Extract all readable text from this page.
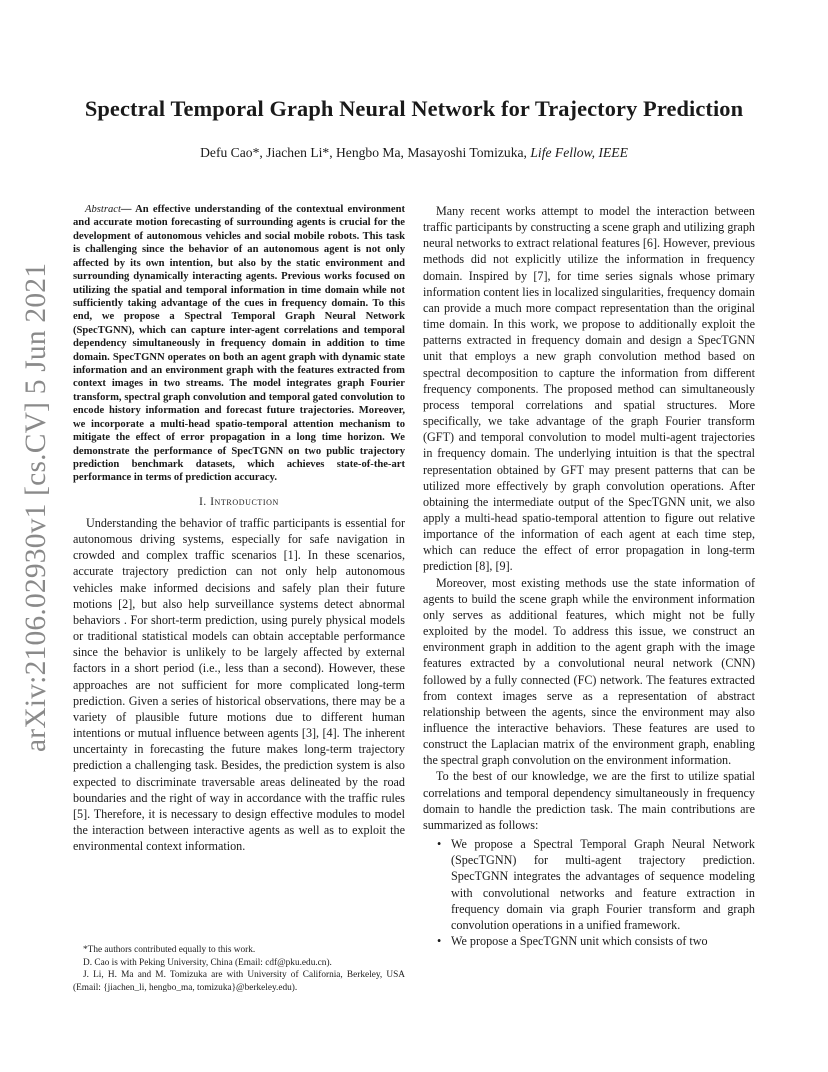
arXiv:2106.02930v1 [cs.CV] 5 Jun 2021
Spectral Temporal Graph Neural Network for Trajectory Prediction
Defu Cao*, Jiachen Li*, Hengbo Ma, Masayoshi Tomizuka, Life Fellow, IEEE
Abstract— An effective understanding of the contextual environment and accurate motion forecasting of surrounding agents is crucial for the development of autonomous vehicles and social mobile robots. This task is challenging since the behavior of an autonomous agent is not only affected by its own intention, but also by the static environment and surrounding dynamically interacting agents. Previous works focused on utilizing the spatial and temporal information in time domain while not sufficiently taking advantage of the cues in frequency domain. To this end, we propose a Spectral Temporal Graph Neural Network (SpecTGNN), which can capture inter-agent correlations and temporal dependency simultaneously in frequency domain in addition to time domain. SpecTGNN operates on both an agent graph with dynamic state information and an environment graph with the features extracted from context images in two streams. The model integrates graph Fourier transform, spectral graph convolution and temporal gated convolution to encode history information and forecast future trajectories. Moreover, we incorporate a multi-head spatio-temporal attention mechanism to mitigate the effect of error propagation in a long time horizon. We demonstrate the performance of SpecTGNN on two public trajectory prediction benchmark datasets, which achieves state-of-the-art performance in terms of prediction accuracy.
I. Introduction

Understanding the behavior of traffic participants is essential for autonomous driving systems, especially for safe navigation in crowded and complex traffic scenarios [1]. In these scenarios, accurate trajectory prediction can not only help autonomous vehicles make informed decisions and safely plan their future motions [2], but also help surveillance systems detect abnormal behaviors . For short-term prediction, using purely physical models or traditional statistical models can obtain acceptable performance since the behavior is unlikely to be largely affected by external factors in a short period (i.e., less than a second). However, these approaches are not sufficient for more complicated long-term prediction. Given a series of historical observations, there may be a variety of plausible future motions due to different human intentions or mutual influence between agents [3], [4]. The inherent uncertainty in forecasting the future makes long-term trajectory prediction a challenging task. Besides, the prediction system is also expected to discriminate traversable areas delineated by the road boundaries and the right of way in accordance with the traffic rules [5]. Therefore, it is necessary to design effective modules to model the interaction between interactive agents as well as to exploit the environmental context information.

*The authors contributed equally to this work.
D. Cao is with Peking University, China (Email: cdf@pku.edu.cn).
J. Li, H. Ma and M. Tomizuka are with University of California, Berkeley, USA (Email: {jiachen_li, hengbo_ma, tomizuka}@berkeley.edu).

Many recent works attempt to model the interaction between traffic participants by constructing a scene graph and utilizing graph neural networks to extract relational features [6]. However, previous methods did not explicitly utilize the information in frequency domain. Inspired by [7], for time series signals whose primary information content lies in localized singularities, frequency domain can provide a much more compact representation than the original time domain. In this work, we propose to additionally exploit the patterns extracted in frequency domain and design a SpecTGNN unit that employs a new graph convolution method based on spectral decomposition to capture the information from different frequency components. The proposed method can simultaneously process temporal correlations and spatial structures. More specifically, we take advantage of the graph Fourier transform (GFT) and temporal convolution to model multi-agent trajectories in frequency domain. The underlying intuition is that the spectral representation obtained by GFT may present patterns that can be utilized more effectively by graph convolution operations. After obtaining the intermediate output of the SpecTGNN unit, we also apply a multi-head spatio-temporal attention to figure out relative importance of the information of each agent at each time step, which can reduce the effect of error propagation in long-term prediction [8], [9].

Moreover, most existing methods use the state information of agents to build the scene graph while the environment information only serves as additional features, which might not be fully exploited by the model. To address this issue, we construct an environment graph in addition to the agent graph with the image features extracted by a convolutional neural network (CNN) followed by a fully connected (FC) network. The features extracted from context images serve as a representation of abstract relationship between the agents, since the environment may also influence the interactive behaviors. These features are used to construct the Laplacian matrix of the environment graph, enabling the spectral graph convolution on the environment information.

To the best of our knowledge, we are the first to utilize spatial correlations and temporal dependency simultaneously in frequency domain to handle the prediction task. The main contributions are summarized as follows:

• We propose a Spectral Temporal Graph Neural Network (SpecTGNN) for multi-agent trajectory prediction. SpecTGNN integrates the advantages of sequence modeling with convolutional networks and feature extraction in frequency domain via graph Fourier transform and graph convolution operations in a unified framework.
• We propose a SpecTGNN unit which consists of two
